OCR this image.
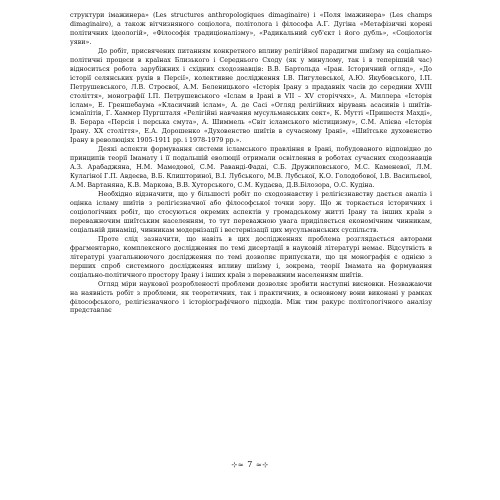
структури імажинера» (Les structures anthropologiques dimaginaire) і «Поля імажинера» (Les champs dimaginaire), а також вітчизняного соціолога, політолога і філософа А.Г. Дугіна «Метафізичні корені політичних ідеологій», «Філософія традиціоналізму», «Радикальний суб'єкт і його дубль», «Соціологія уяви».

До робіт, присвячених питанням конкретного впливу релігійної парадигми шиїзму на соціально-політичні процеси в країнах Близького і Середнього Сходу (як у минулому, так і в теперішній час) відноситься робота зарубіжних і східних сходознавців: В.В. Бартольда «Іран. Історичний огляд», «До історії селянських рухів в Персії», колективне дослідження І.В. Пигулевської, А.Ю. Якубовського, І.П. Петрушевського, Л.В. Строєвої, А.М. Беленицького «Історія Ірану з прадавніх часів до середини XVIII століття», монографії І.П. Петрушевського «Іслам в Ірані в VII – XV сторіччях», А. Миллера «Історія іслам», Е. Греншебаума «Класичний іслам», А. де Сасі «Огляд релігійних вірувань асасинів і шиїтів-ісмаїлітів, Г. Хаммер Пургшталя «Релігійні навчання мусульманських сект», К. Мутті «Пришестя Махді», В. Берара «Персія і перська смута», А. Шиммель «Світ ісламського містицизму», С.М. Алієва «Історія Ірану. XX століття», Е.А. Дорошенко «Духовенство шиїтів в сучасному Ірані», «Шиїтське духовенство Ірану в революціях 1905-1911 рр. і 1978-1979 рр.».

Деякі аспекти формування системи ісламського правління в Ірані, побудованого відповідно до принципів теорії Імамату і її подальшій еволюції отримали освітлення в роботах сучасних сходознавців А.З. Арабаджяна, Н.М. Мамедової, С.М. Раванді-Фадаі, С.Б. Дружиловського, М.С. Каменевої, Л.М. Кулагіної Г.П. Авдеєва, В.Б. Клиштоpиної, В.І. Лубського, М.В. Лубської, К.О. Голодобової, І.В. Васильєвої, А.М. Вартаняна, К.В. Маркова, В.В. Хуторського, С.М. Кудаєва, Д.В.Білозора, О.С. Кудіна.

Необхідно відзначити, що у більшості робіт по сходознавству і релігієзнавству дається аналіз і оцінка ісламу шиїтів з релігієзначної або філософської точки зору. Що ж торкається історичних і соціологічних робіт, що стосуються окремих аспектів у громадському житті Ірану та інших країн з переважночим шиїтським населенням, то тут переважною увага приділяється економічним чинникам, соціальній динаміці, чинникам модернізації і вестернізації цих мусульманських суспільств.

Проте слід зазначити, що навіть в цих дослідженнях проблема розглядається авторами фрагментарно, комплексного дослідження по темі дисертації в науковій літературі немає. Відсутність в літературі узагальнюючого дослідження по темі дозволяє припускати, що ця монографія є однією з перших спроб системного дослідження впливу шиїзму і, зокрема, теорії Імамата на формування соціально-політичного простору Ірану і інших країн з переважним населенням шиїтів.

Огляд міри наукової розробленості проблеми дозволяє зробити наступні висновки. Незважаючи на наявність робіт з проблеми, як теоретичних, так і практичних, в основному вони виконані у рамках філософського, релігієзначного і історіографічного підходів. Між тим ракурс політологічного аналізу представлає

⊹≈ 7 ≈⊹
